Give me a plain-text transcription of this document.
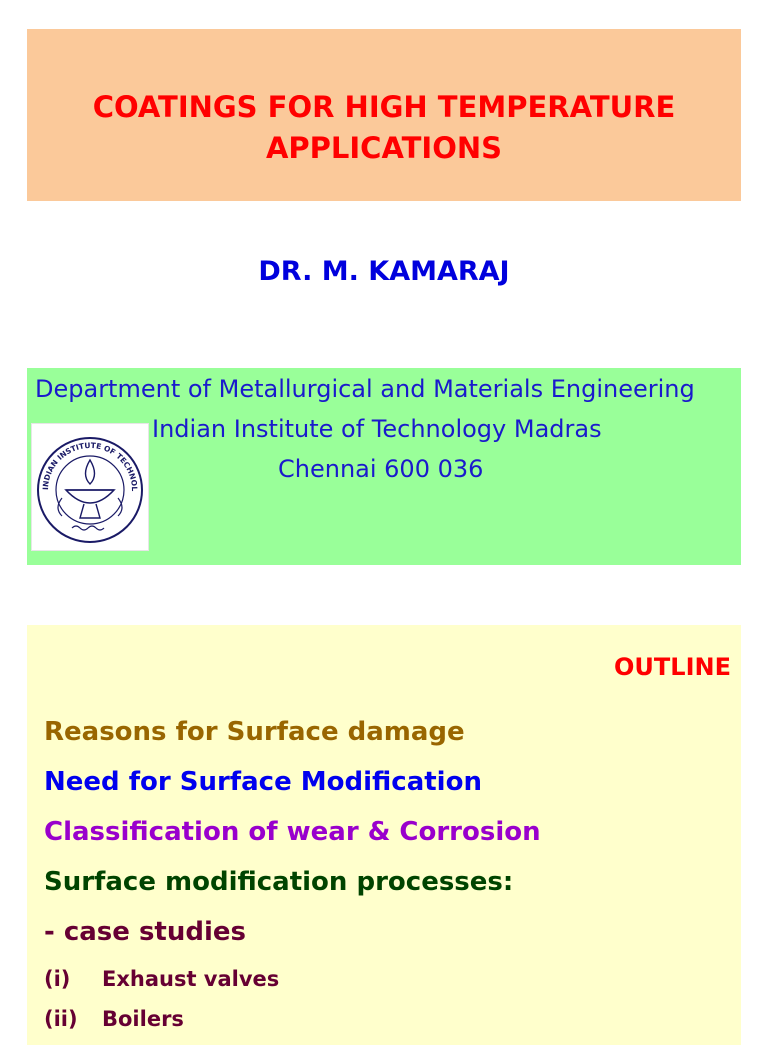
COATINGS FOR HIGH TEMPERATURE
APPLICATIONS
DR. M. KAMARAJ
Department of Metallurgical and Materials Engineering
Indian Institute of Technology Madras
Chennai 600 036
INDIAN INSTITUTE OF TECHNOL
OUTLINE
Reasons for Surface damage
Need for Surface Modification
Classification of wear & Corrosion
Surface modification processes:
- case studies
(i) Exhaust valves
(ii) Boilers
